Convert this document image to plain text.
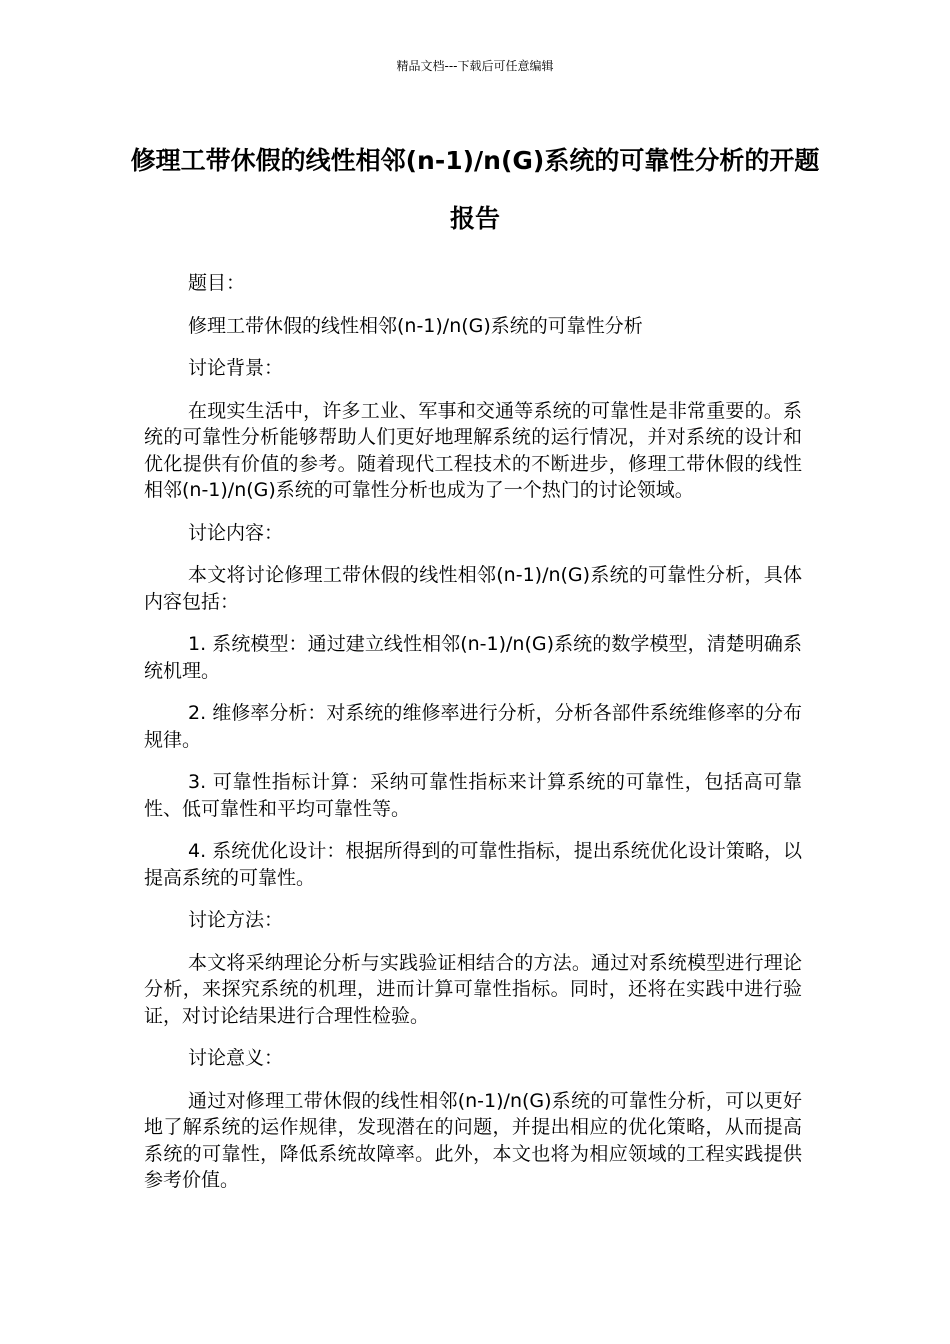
精品文档---下载后可任意编辑
修理工带休假的线性相邻(n-1)/n(G)系统的可靠性分析的开题报告

题目：

修理工带休假的线性相邻(n-1)/n(G)系统的可靠性分析

讨论背景：

在现实生活中，许多工业、军事和交通等系统的可靠性是非常重要的。系统的可靠性分析能够帮助人们更好地理解系统的运行情况，并对系统的设计和优化提供有价值的参考。随着现代工程技术的不断进步，修理工带休假的线性相邻(n-1)/n(G)系统的可靠性分析也成为了一个热门的讨论领域。

讨论内容：

本文将讨论修理工带休假的线性相邻(n-1)/n(G)系统的可靠性分析，具体内容包括：

1. 系统模型：通过建立线性相邻(n-1)/n(G)系统的数学模型，清楚明确系统机理。

2. 维修率分析：对系统的维修率进行分析，分析各部件系统维修率的分布规律。

3. 可靠性指标计算：采纳可靠性指标来计算系统的可靠性，包括高可靠性、低可靠性和平均可靠性等。

4. 系统优化设计：根据所得到的可靠性指标，提出系统优化设计策略，以提高系统的可靠性。

讨论方法：

本文将采纳理论分析与实践验证相结合的方法。通过对系统模型进行理论分析，来探究系统的机理，进而计算可靠性指标。同时，还将在实践中进行验证，对讨论结果进行合理性检验。

讨论意义：

通过对修理工带休假的线性相邻(n-1)/n(G)系统的可靠性分析，可以更好地了解系统的运作规律，发现潜在的问题，并提出相应的优化策略，从而提高系统的可靠性，降低系统故障率。此外，本文也将为相应领域的工程实践提供参考价值。
